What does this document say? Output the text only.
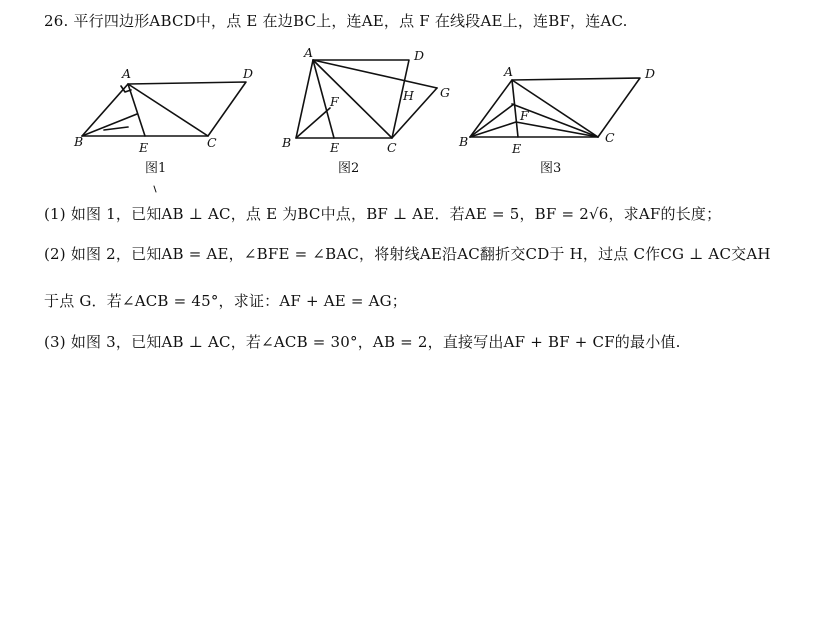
26. 平行四边形ABCD中，点 E 在边BC上，连AE，点 F 在线段AE上，连BF，连AC.
A	D
B	E	C
图1
A	D
F	H G
B	E	C
图2
A	D
F
B	E
C
图3
(1) 如图 1，已知AB ⊥ AC，点 E 为BC中点，BF ⊥ AE．若AE = 5，BF = 2√6，求AF的长度；
(2) 如图 2，已知AB = AE，∠BFE = ∠BAC，将射线AE沿AC翻折交CD于 H，过点 C作CG ⊥ AC交AH
于点 G．若∠ACB = 45°，求证：AF + AE = AG；
(3) 如图 3，已知AB ⊥ AC，若∠ACB = 30°，AB = 2，直接写出AF + BF + CF的最小值.
